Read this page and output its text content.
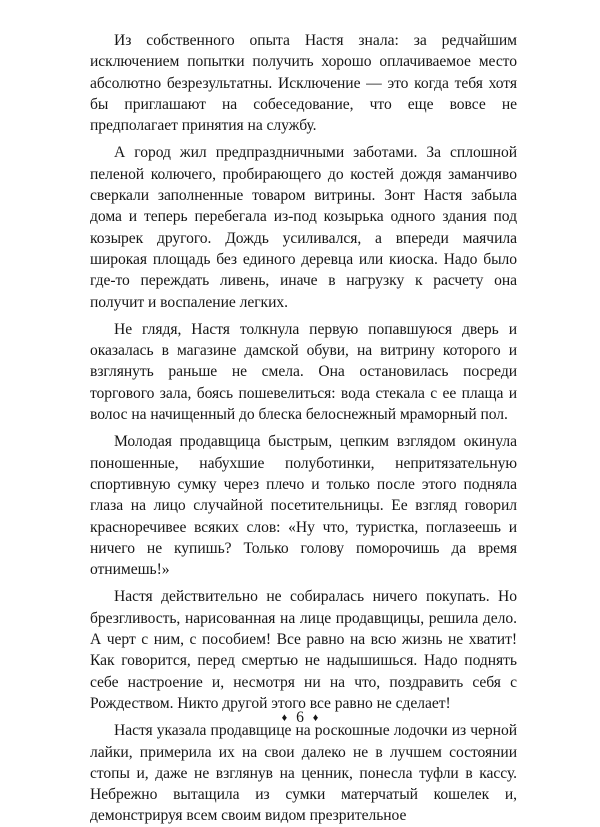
Из собственного опыта Настя знала: за редчайшим исключением попытки получить хорошо оплачиваемое место абсолютно безрезультатны. Исключение — это когда тебя хотя бы приглашают на собеседование, что еще вовсе не предполагает принятия на службу.

А город жил предпраздничными заботами. За сплошной пеленой колючего, пробирающего до костей дождя заманчиво сверкали заполненные товаром витрины. Зонт Настя забыла дома и теперь перебегала из-под козырька одного здания под козырек другого. Дождь усиливался, а впереди маячила широкая площадь без единого деревца или киоска. Надо было где-то переждать ливень, иначе в нагрузку к расчету она получит и воспаление легких.

Не глядя, Настя толкнула первую попавшуюся дверь и оказалась в магазине дамской обуви, на витрину которого и взглянуть раньше не смела. Она остановилась посреди торгового зала, боясь пошевелиться: вода стекала с ее плаща и волос на начищенный до блеска белоснежный мраморный пол.

Молодая продавщица быстрым, цепким взглядом окинула поношенные, набухшие полуботинки, непритязательную спортивную сумку через плечо и только после этого подняла глаза на лицо случайной посетительницы. Ее взгляд говорил красноречивее всяких слов: «Ну что, туристка, поглазеешь и ничего не купишь? Только голову поморочишь да время отнимешь!»

Настя действительно не собиралась ничего покупать. Но брезгливость, нарисованная на лице продавщицы, решила дело. А черт с ним, с пособием! Все равно на всю жизнь не хватит! Как говорится, перед смертью не надышишься. Надо поднять себе настроение и, несмотря ни на что, поздравить себя с Рождеством. Никто другой этого все равно не сделает!

Настя указала продавщице на роскошные лодочки из черной лайки, примерила их на свои далеко не в лучшем состоянии стопы и, даже не взглянув на ценник, понесла туфли в кассу. Небрежно вытащила из сумки матерчатый кошелек и, демонстрируя всем своим видом презрительное

♦ 6 ♦
